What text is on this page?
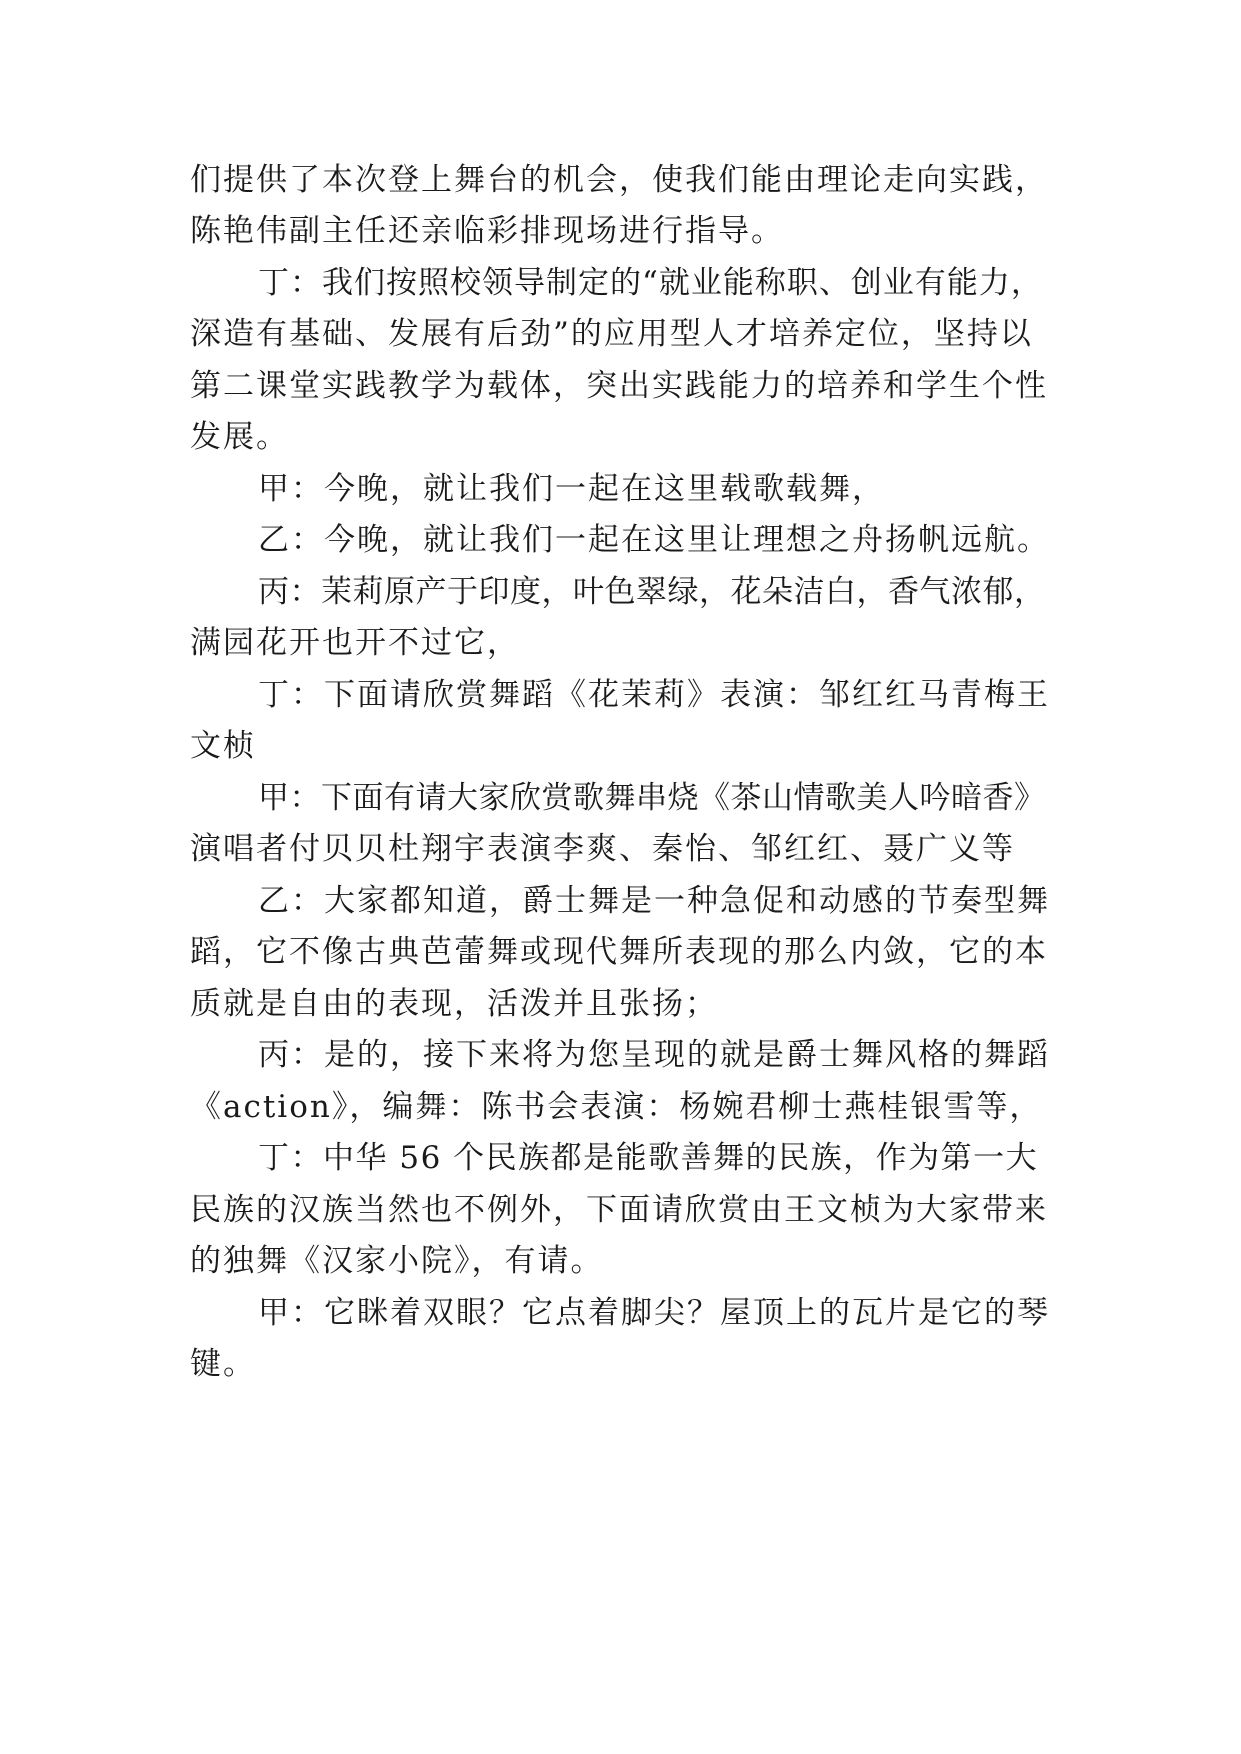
们提供了本次登上舞台的机会，使我们能由理论走向实践，
陈艳伟副主任还亲临彩排现场进行指导。
丁：我们按照校领导制定的“就业能称职、创业有能力，
深造有基础、发展有后劲”的应用型人才培养定位，坚持以
第二课堂实践教学为载体，突出实践能力的培养和学生个性
发展。
甲：今晚，就让我们一起在这里载歌载舞，
乙：今晚，就让我们一起在这里让理想之舟扬帆远航。
丙：茉莉原产于印度，叶色翠绿，花朵洁白，香气浓郁，
满园花开也开不过它，
丁：下面请欣赏舞蹈《花茉莉》表演：邹红红马青梅王
文桢
甲：下面有请大家欣赏歌舞串烧《茶山情歌美人吟暗香》
演唱者付贝贝杜翔宇表演李爽、秦怡、邹红红、聂广义等
乙：大家都知道，爵士舞是一种急促和动感的节奏型舞
蹈，它不像古典芭蕾舞或现代舞所表现的那么内敛，它的本
质就是自由的表现，活泼并且张扬；
丙：是的，接下来将为您呈现的就是爵士舞风格的舞蹈
《action》，编舞：陈书会表演：杨婉君柳士燕桂银雪等，
丁：中华 56 个民族都是能歌善舞的民族，作为第一大
民族的汉族当然也不例外，下面请欣赏由王文桢为大家带来
的独舞《汉家小院》，有请。
甲：它眯着双眼？它点着脚尖？屋顶上的瓦片是它的琴
键。
